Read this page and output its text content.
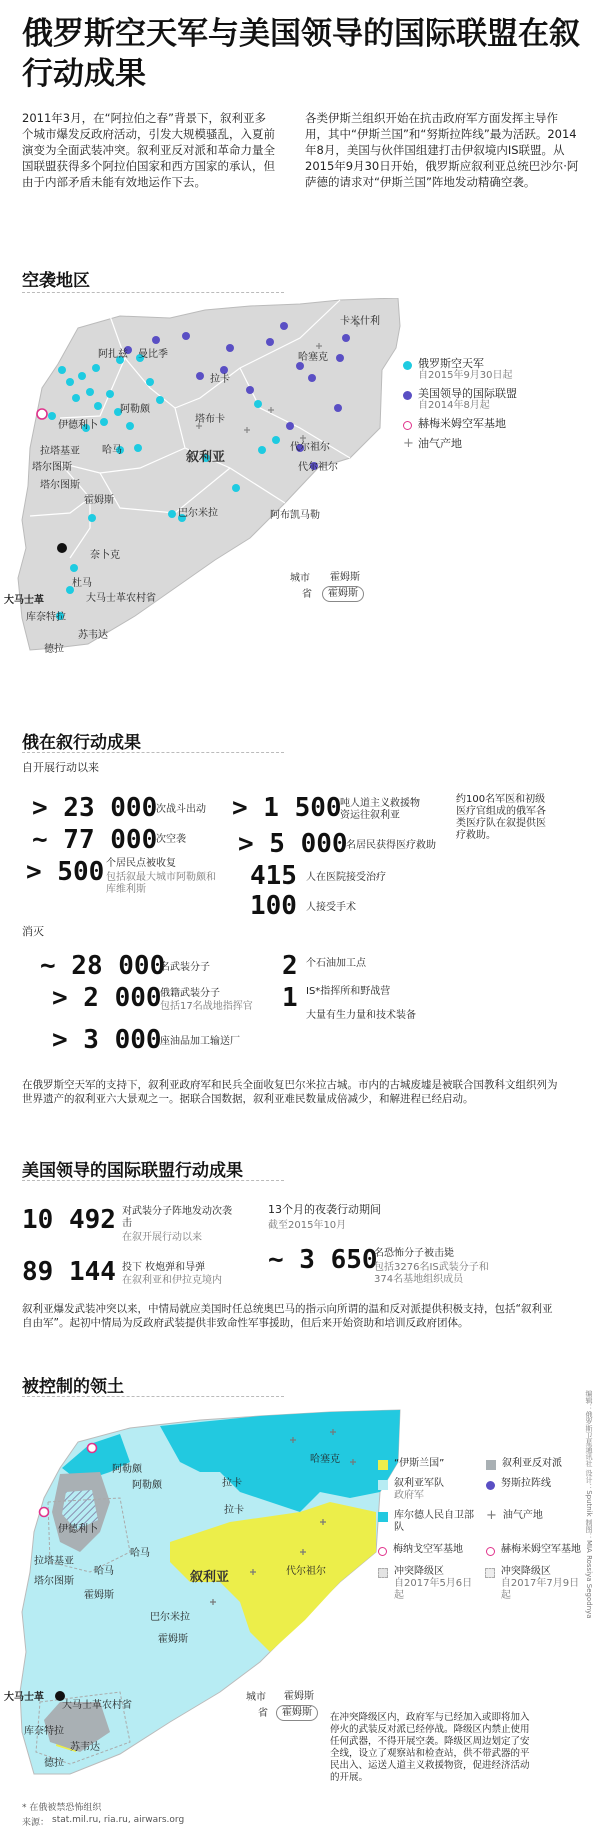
俄罗斯空天军与美国领导的国际联盟在叙行动成果
2011年3月，在“阿拉伯之春”背景下，叙利亚多个城市爆发反政府活动，引发大规模骚乱，入夏前演变为全面武装冲突。叙利亚反对派和革命力量全国联盟获得多个阿拉伯国家和西方国家的承认，但由于内部矛盾未能有效地运作下去。
各类伊斯兰组织开始在抗击政府军方面发挥主导作用，其中“伊斯兰国”和“努斯拉阵线”最为活跃。2014年8月，美国与伙伴国组建打击伊叙境内IS联盟。从2015年9月30日开始，俄罗斯应叙利亚总统巴沙尔·阿萨德的请求对“伊斯兰国”阵地发动精确空袭。
空袭地区
阿扎兹 曼比季
卡米什利
哈塞克
拉卡
伊德利卜
阿勒颇
拉塔基亚 哈马
塔布卡
叙利亚
代尔祖尔
塔尔图斯
塔尔图斯
霍姆斯
巴尔米拉	阿布凯马勒
奈卜克
杜马
大马士革	大马士革农村省
库奈特拉
苏韦达
德拉
代尔祖尔
俄罗斯空天军
自2015年9月30日起
美国领导的国际联盟
自2014年8月起
赫梅米姆空军基地
+ 油气产地
城市
省
霍姆斯
霍姆斯
俄在叙行动成果
自开展行动以来
> 23 000
次战斗出动
~ 77 000
次空袭
> 500 个居民点被收复
包括叙最大城市阿勒颇和库维利斯
> 1 500
吨人道主义救援物资运往叙利亚
> 5 000
名居民获得医疗救助
415 人在医院接受治疗
100 人接受手术
约100名军医和初级医疗官组成的俄军各类医疗队在叙提供医疗救助。
消灭
~ 28 000
名武装分子
> 2 000
俄籍武装分子
包括17名战地指挥官
> 3 000
座油品加工输送厂
2 个石油加工点
1 IS*指挥所和野战营
大量有生力量和技术装备
在俄罗斯空天军的支持下，叙利亚政府军和民兵全面收复巴尔米拉古城。市内的古城废墟是被联合国教科文组织列为世界遗产的叙利亚六大景观之一。据联合国数据，叙利亚难民数量成倍减少，和解进程已经启动。
美国领导的国际联盟行动成果
10 492 对武装分子阵地发动次袭击
在叙开展行动以来
89 144 投下 枚炮弹和导弹
在叙利亚和伊拉克境内
13个月的夜袭行动期间
截至2015年10月
~ 3 650
名恐怖分子被击毙
包括3276名IS武装分子和374名基地组织成员
叙利亚爆发武装冲突以来，中情局就应美国时任总统奥巴马的指示向所谓的温和反对派提供积极支持，包括“叙利亚自由军”。起初中情局为反政府武装提供非致命性军事援助，但后来开始资助和培训反政府团体。
被控制的领土
阿勒颇
阿勒颇
哈塞克
拉卡
拉卡
伊德利卜
拉塔基亚
哈马
哈马	叙利亚	代尔祖尔
塔尔图斯
霍姆斯
霍姆斯
巴尔米拉
大马士革农村省
库奈特拉
苏韦达
德拉
大马士革
“伊斯兰国”	叙利亚反对派
叙利亚军队
政府军
努斯拉阵线
库尔德人民自卫部队
+ 油气产地
梅纳戈空军基地	赫梅米姆空军基地
冲突降级区
自2017年5月6日起
冲突降级区
自2017年7月9日起
城市
省
霍姆斯
霍姆斯	在冲突降级区内，政府军与已经加入或即将加入停火的武装反对派已经停战。降级区内禁止使用任何武器，不得开展空袭。降级区周边划定了安全线，设立了观察站和检查站，供不带武器的平民出入、运送人道主义救援物资，促进经济活动的开展。
* 在俄被禁恐怖组织
来源： stat.mil.ru, ria.ru, airwars.org
编辑：俄罗斯卫星通讯社 设计：Sputnik 制图：MIA Rossiya Segodnya
